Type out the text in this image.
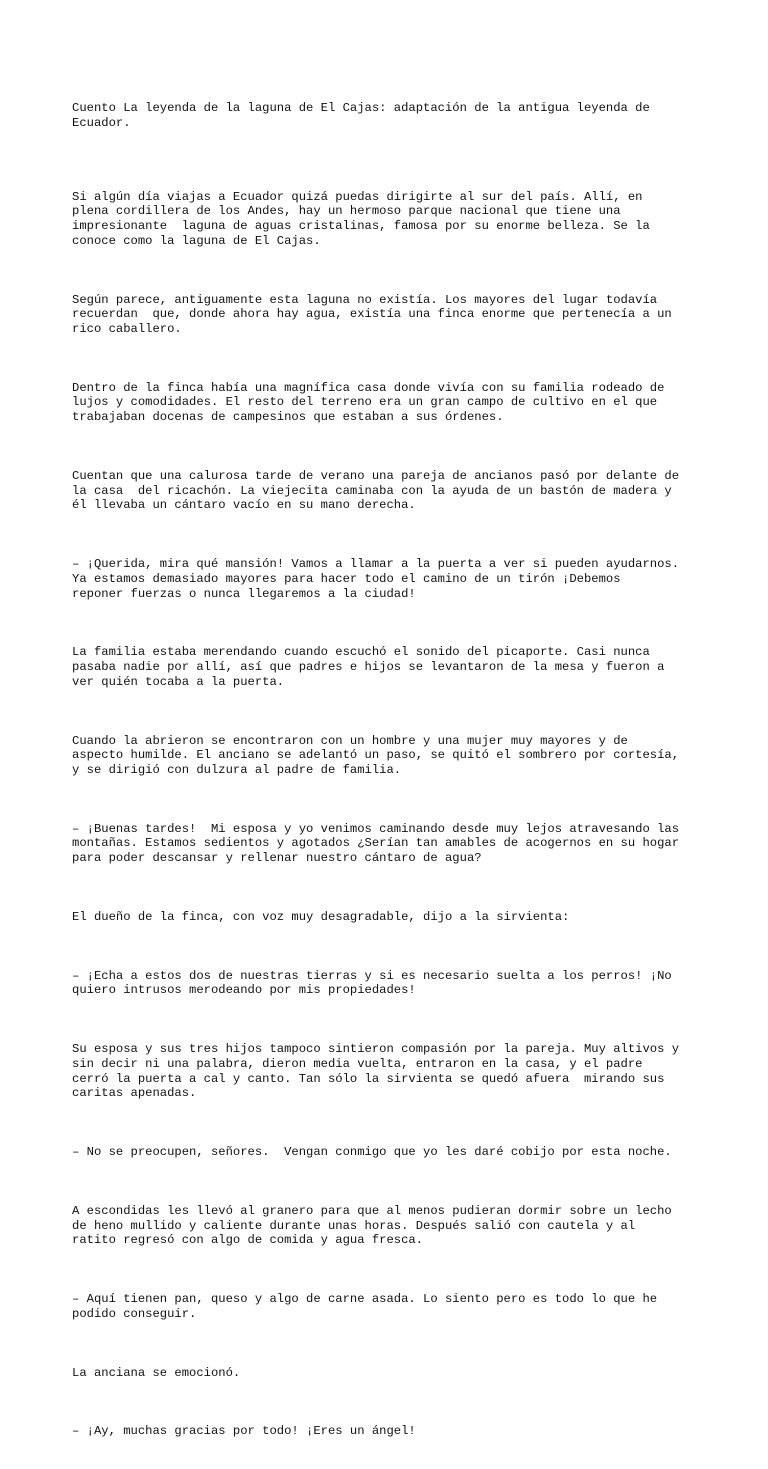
Cuento La leyenda de la laguna de El Cajas: adaptación de la antigua leyenda de
Ecuador.

Si algún día viajas a Ecuador quizá puedas dirigirte al sur del país. Allí, en
plena cordillera de los Andes, hay un hermoso parque nacional que tiene una
impresionante  laguna de aguas cristalinas, famosa por su enorme belleza. Se la
conoce como la laguna de El Cajas.

Según parece, antiguamente esta laguna no existía. Los mayores del lugar todavía
recuerdan  que, donde ahora hay agua, existía una finca enorme que pertenecía a un
rico caballero.

Dentro de la finca había una magnífica casa donde vivía con su familia rodeado de
lujos y comodidades. El resto del terreno era un gran campo de cultivo en el que
trabajaban docenas de campesinos que estaban a sus órdenes.

Cuentan que una calurosa tarde de verano una pareja de ancianos pasó por delante de
la casa  del ricachón. La viejecita caminaba con la ayuda de un bastón de madera y
él llevaba un cántaro vacío en su mano derecha.

– ¡Querida, mira qué mansión! Vamos a llamar a la puerta a ver si pueden ayudarnos.
Ya estamos demasiado mayores para hacer todo el camino de un tirón ¡Debemos
reponer fuerzas o nunca llegaremos a la ciudad!

La familia estaba merendando cuando escuchó el sonido del picaporte. Casi nunca
pasaba nadie por allí, así que padres e hijos se levantaron de la mesa y fueron a
ver quién tocaba a la puerta.

Cuando la abrieron se encontraron con un hombre y una mujer muy mayores y de
aspecto humilde. El anciano se adelantó un paso, se quitó el sombrero por cortesía,
y se dirigió con dulzura al padre de familia.

– ¡Buenas tardes!  Mi esposa y yo venimos caminando desde muy lejos atravesando las
montañas. Estamos sedientos y agotados ¿Serían tan amables de acogernos en su hogar
para poder descansar y rellenar nuestro cántaro de agua?

El dueño de la finca, con voz muy desagradable, dijo a la sirvienta:

– ¡Echa a estos dos de nuestras tierras y si es necesario suelta a los perros! ¡No
quiero intrusos merodeando por mis propiedades!

Su esposa y sus tres hijos tampoco sintieron compasión por la pareja. Muy altivos y
sin decir ni una palabra, dieron media vuelta, entraron en la casa, y el padre
cerró la puerta a cal y canto. Tan sólo la sirvienta se quedó afuera  mirando sus
caritas apenadas.

– No se preocupen, señores.  Vengan conmigo que yo les daré cobijo por esta noche.

A escondidas les llevó al granero para que al menos pudieran dormir sobre un lecho
de heno mullido y caliente durante unas horas. Después salió con cautela y al
ratito regresó con algo de comida y agua fresca.

– Aquí tienen pan, queso y algo de carne asada. Lo siento pero es todo lo que he
podido conseguir.

La anciana se emocionó.

– ¡Ay, muchas gracias por todo! ¡Eres un ángel!
